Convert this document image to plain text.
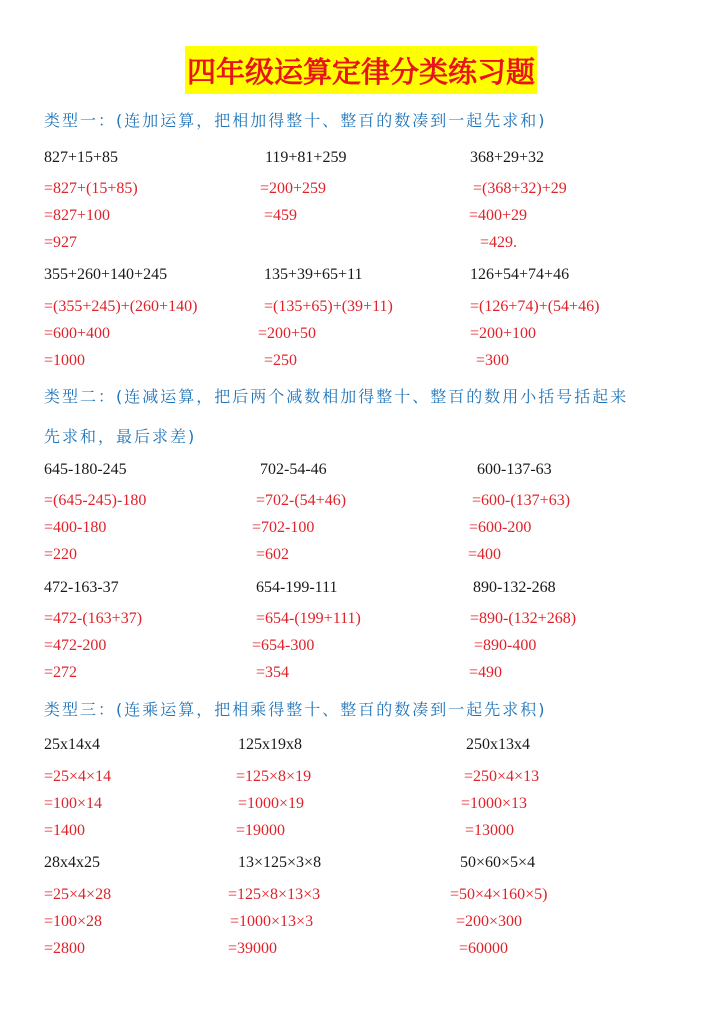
四年级运算定律分类练习题
类型一：(连加运算，把相加得整十、整百的数凑到一起先求和)
827+15+85
=827+(15+85)
=827+100
=927
119+81+259
=200+259
=459
368+29+32
=(368+32)+29
=400+29
=429.
355+260+140+245
=(355+245)+(260+140)
=600+400
=1000
135+39+65+11
=(135+65)+(39+11)
=200+50
=250
126+54+74+46
=(126+74)+(54+46)
=200+100
=300
类型二：(连减运算，把后两个减数相加得整十、整百的数用小括号括起来
先求和，最后求差)
645-180-245
=(645-245)-180
=400-180
=220
702-54-46
=702-(54+46)
=702-100
=602
600-137-63
=600-(137+63)
=600-200
=400
472-163-37
=472-(163+37)
=472-200
=272
654-199-111
=654-(199+111)
=654-300
=354
890-132-268
=890-(132+268)
=890-400
=490
类型三：(连乘运算，把相乘得整十、整百的数凑到一起先求积)
25x14x4
=25×4×14
=100×14
=1400
125x19x8
=125×8×19
=1000×19
=19000
250x13x4
=250×4×13
=1000×13
=13000
28x4x25
=25×4×28
=100×28
=2800
13×125×3×8
=125×8×13×3
=1000×13×3
=39000
50×60×5×4
=50×4×160×5)
=200×300
=60000
